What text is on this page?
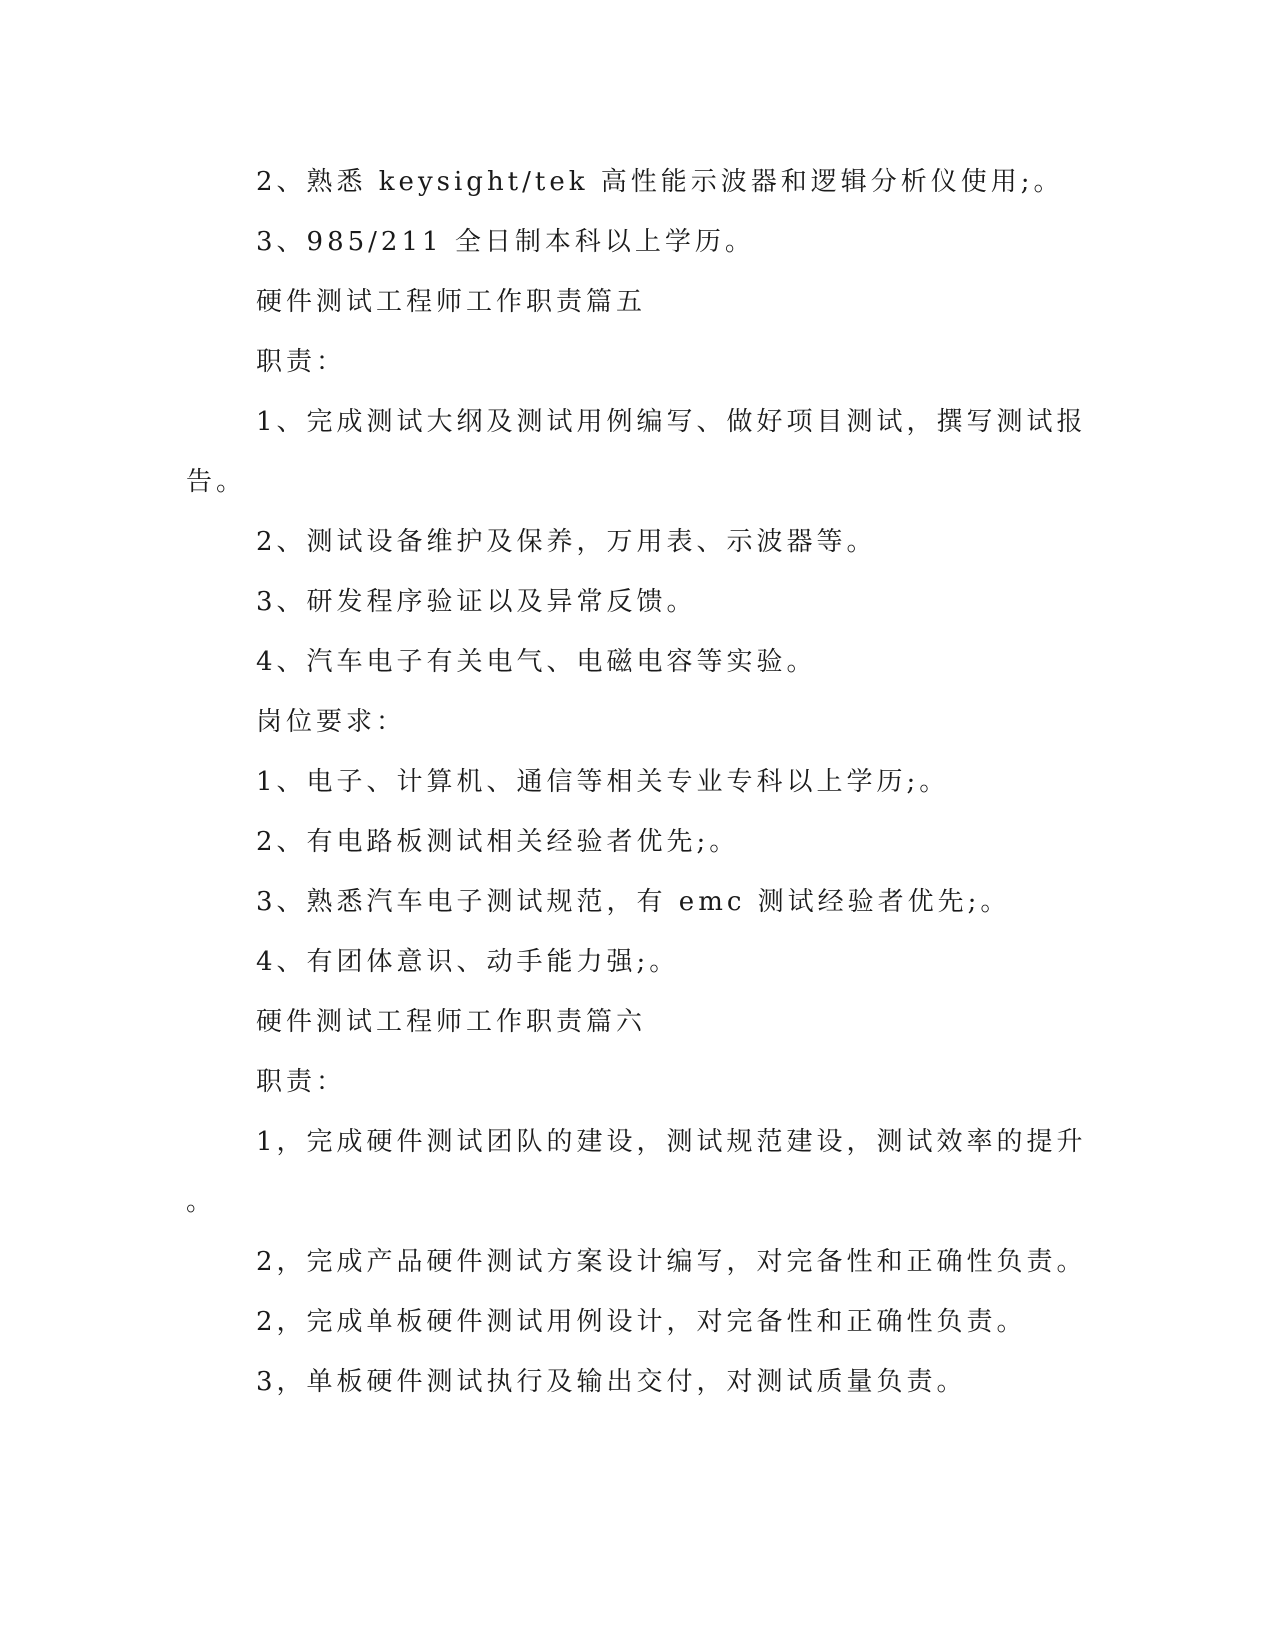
2、熟悉 keysight/tek 高性能示波器和逻辑分析仪使用;。
3、985/211 全日制本科以上学历。
硬件测试工程师工作职责篇五
职责：
1、完成测试大纲及测试用例编写、做好项目测试，撰写测试报
告。
2、测试设备维护及保养，万用表、示波器等。
3、研发程序验证以及异常反馈。
4、汽车电子有关电气、电磁电容等实验。
岗位要求：
1、电子、计算机、通信等相关专业专科以上学历;。
2、有电路板测试相关经验者优先;。
3、熟悉汽车电子测试规范，有 emc 测试经验者优先;。
4、有团体意识、动手能力强;。
硬件测试工程师工作职责篇六
职责：
1，完成硬件测试团队的建设，测试规范建设，测试效率的提升
。
2，完成产品硬件测试方案设计编写，对完备性和正确性负责。
2，完成单板硬件测试用例设计，对完备性和正确性负责。
3，单板硬件测试执行及输出交付，对测试质量负责。
